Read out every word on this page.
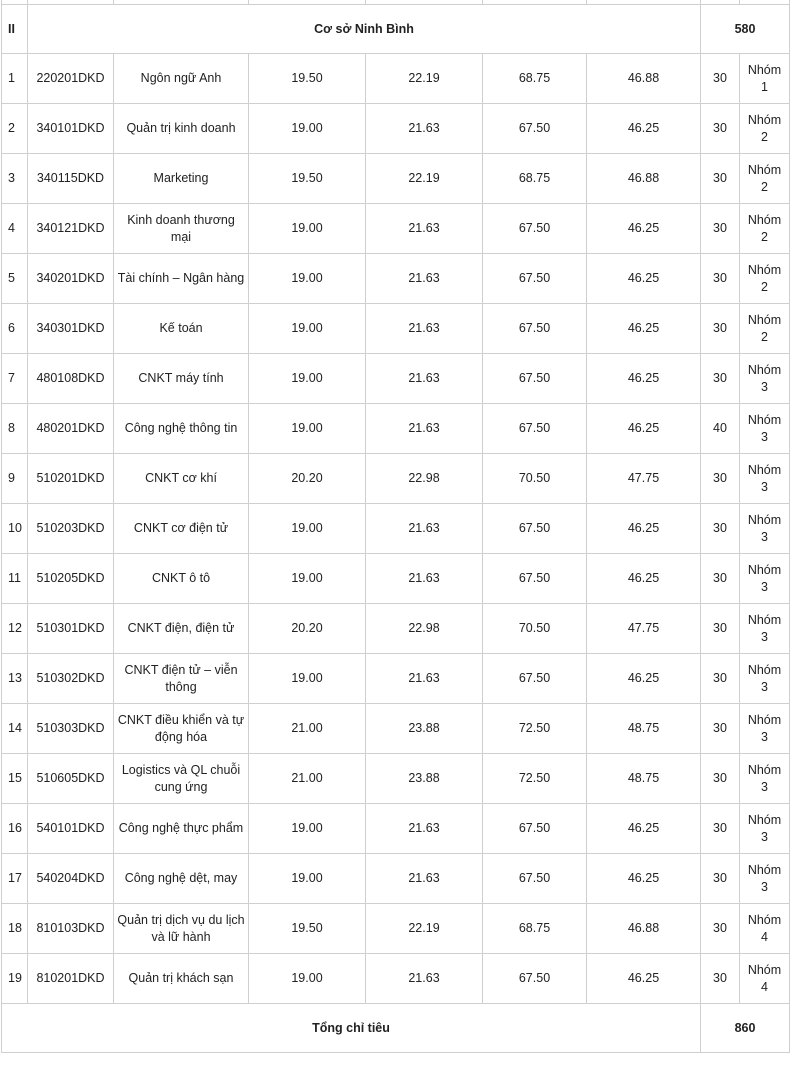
II	Cơ sở Ninh Bình						580	
1	220201DKD	Ngôn ngữ Anh	19.50	22.19	68.75	46.88	30	Nhóm 1
2	340101DKD	Quản trị kinh doanh	19.00	21.63	67.50	46.25	30	Nhóm 2
3	340115DKD	Marketing	19.50	22.19	68.75	46.88	30	Nhóm 2
4	340121DKD	Kinh doanh thương mại	19.00	21.63	67.50	46.25	30	Nhóm 2
5	340201DKD	Tài chính – Ngân hàng	19.00	21.63	67.50	46.25	30	Nhóm 2
6	340301DKD	Kế toán	19.00	21.63	67.50	46.25	30	Nhóm 2
7	480108DKD	CNKT máy tính	19.00	21.63	67.50	46.25	30	Nhóm 3
8	480201DKD	Công nghệ thông tin	19.00	21.63	67.50	46.25	40	Nhóm 3
9	510201DKD	CNKT cơ khí	20.20	22.98	70.50	47.75	30	Nhóm 3
10	510203DKD	CNKT cơ điện tử	19.00	21.63	67.50	46.25	30	Nhóm 3
11	510205DKD	CNKT ô tô	19.00	21.63	67.50	46.25	30	Nhóm 3
12	510301DKD	CNKT điện, điện tử	20.20	22.98	70.50	47.75	30	Nhóm 3
13	510302DKD	CNKT điện tử – viễn thông	19.00	21.63	67.50	46.25	30	Nhóm 3
14	510303DKD	CNKT điều khiển và tự động hóa	21.00	23.88	72.50	48.75	30	Nhóm 3
15	510605DKD	Logistics và QL chuỗi cung ứng	21.00	23.88	72.50	48.75	30	Nhóm 3
16	540101DKD	Công nghệ thực phẩm	19.00	21.63	67.50	46.25	30	Nhóm 3
17	540204DKD	Công nghệ dệt, may	19.00	21.63	67.50	46.25	30	Nhóm 3
18	810103DKD	Quản trị dịch vụ du lịch và lữ hành	19.50	22.19	68.75	46.88	30	Nhóm 4
19	810201DKD	Quản trị khách sạn	19.00	21.63	67.50	46.25	30	Nhóm 4
Tổng chỉ tiêu							860	
